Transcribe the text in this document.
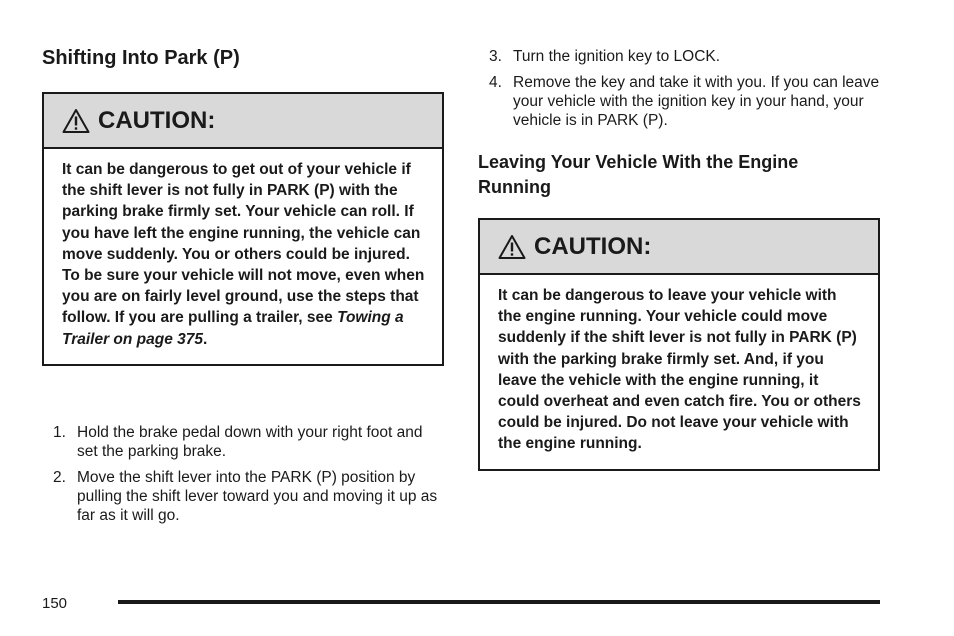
Shifting Into Park (P)
CAUTION:
It can be dangerous to get out of your vehicle if the shift lever is not fully in PARK (P) with the parking brake firmly set. Your vehicle can roll. If you have left the engine running, the vehicle can move suddenly. You or others could be injured. To be sure your vehicle will not move, even when you are on fairly level ground, use the steps that follow. If you are pulling a trailer, see Towing a Trailer on page 375.
1. Hold the brake pedal down with your right foot and set the parking brake.
2. Move the shift lever into the PARK (P) position by pulling the shift lever toward you and moving it up as far as it will go.
3. Turn the ignition key to LOCK.
4. Remove the key and take it with you. If you can leave your vehicle with the ignition key in your hand, your vehicle is in PARK (P).
Leaving Your Vehicle With the Engine Running
CAUTION:
It can be dangerous to leave your vehicle with the engine running. Your vehicle could move suddenly if the shift lever is not fully in PARK (P) with the parking brake firmly set. And, if you leave the vehicle with the engine running, it could overheat and even catch fire. You or others could be injured. Do not leave your vehicle with the engine running.
150
